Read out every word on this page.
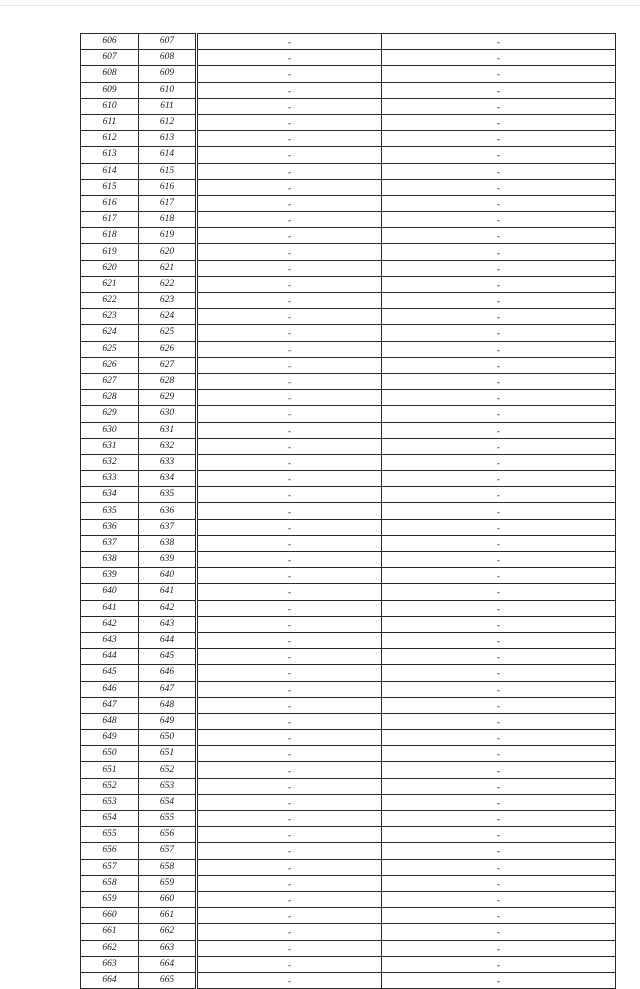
606	607	-	-
607	608	-	-
608	609	-	-
609	610	-	-
610	611	-	-
611	612	-	-
612	613	-	-
613	614	-	-
614	615	-	-
615	616	-	-
616	617	-	-
617	618	-	-
618	619	-	-
619	620	-	-
620	621	-	-
621	622	-	-
622	623	-	-
623	624	-	-
624	625	-	-
625	626	-	-
626	627	-	-
627	628	-	-
628	629	-	-
629	630	-	-
630	631	-	-
631	632	-	-
632	633	-	-
633	634	-	-
634	635	-	-
635	636	-	-
636	637	-	-
637	638	-	-
638	639	-	-
639	640	-	-
640	641	-	-
641	642	-	-
642	643	-	-
643	644	-	-
644	645	-	-
645	646	-	-
646	647	-	-
647	648	-	-
648	649	-	-
649	650	-	-
650	651	-	-
651	652	-	-
652	653	-	-
653	654	-	-
654	655	-	-
655	656	-	-
656	657	-	-
657	658	-	-
658	659	-	-
659	660	-	-
660	661	-	-
661	662	-	-
662	663	-	-
663	664	-	-
664	665	-	-
